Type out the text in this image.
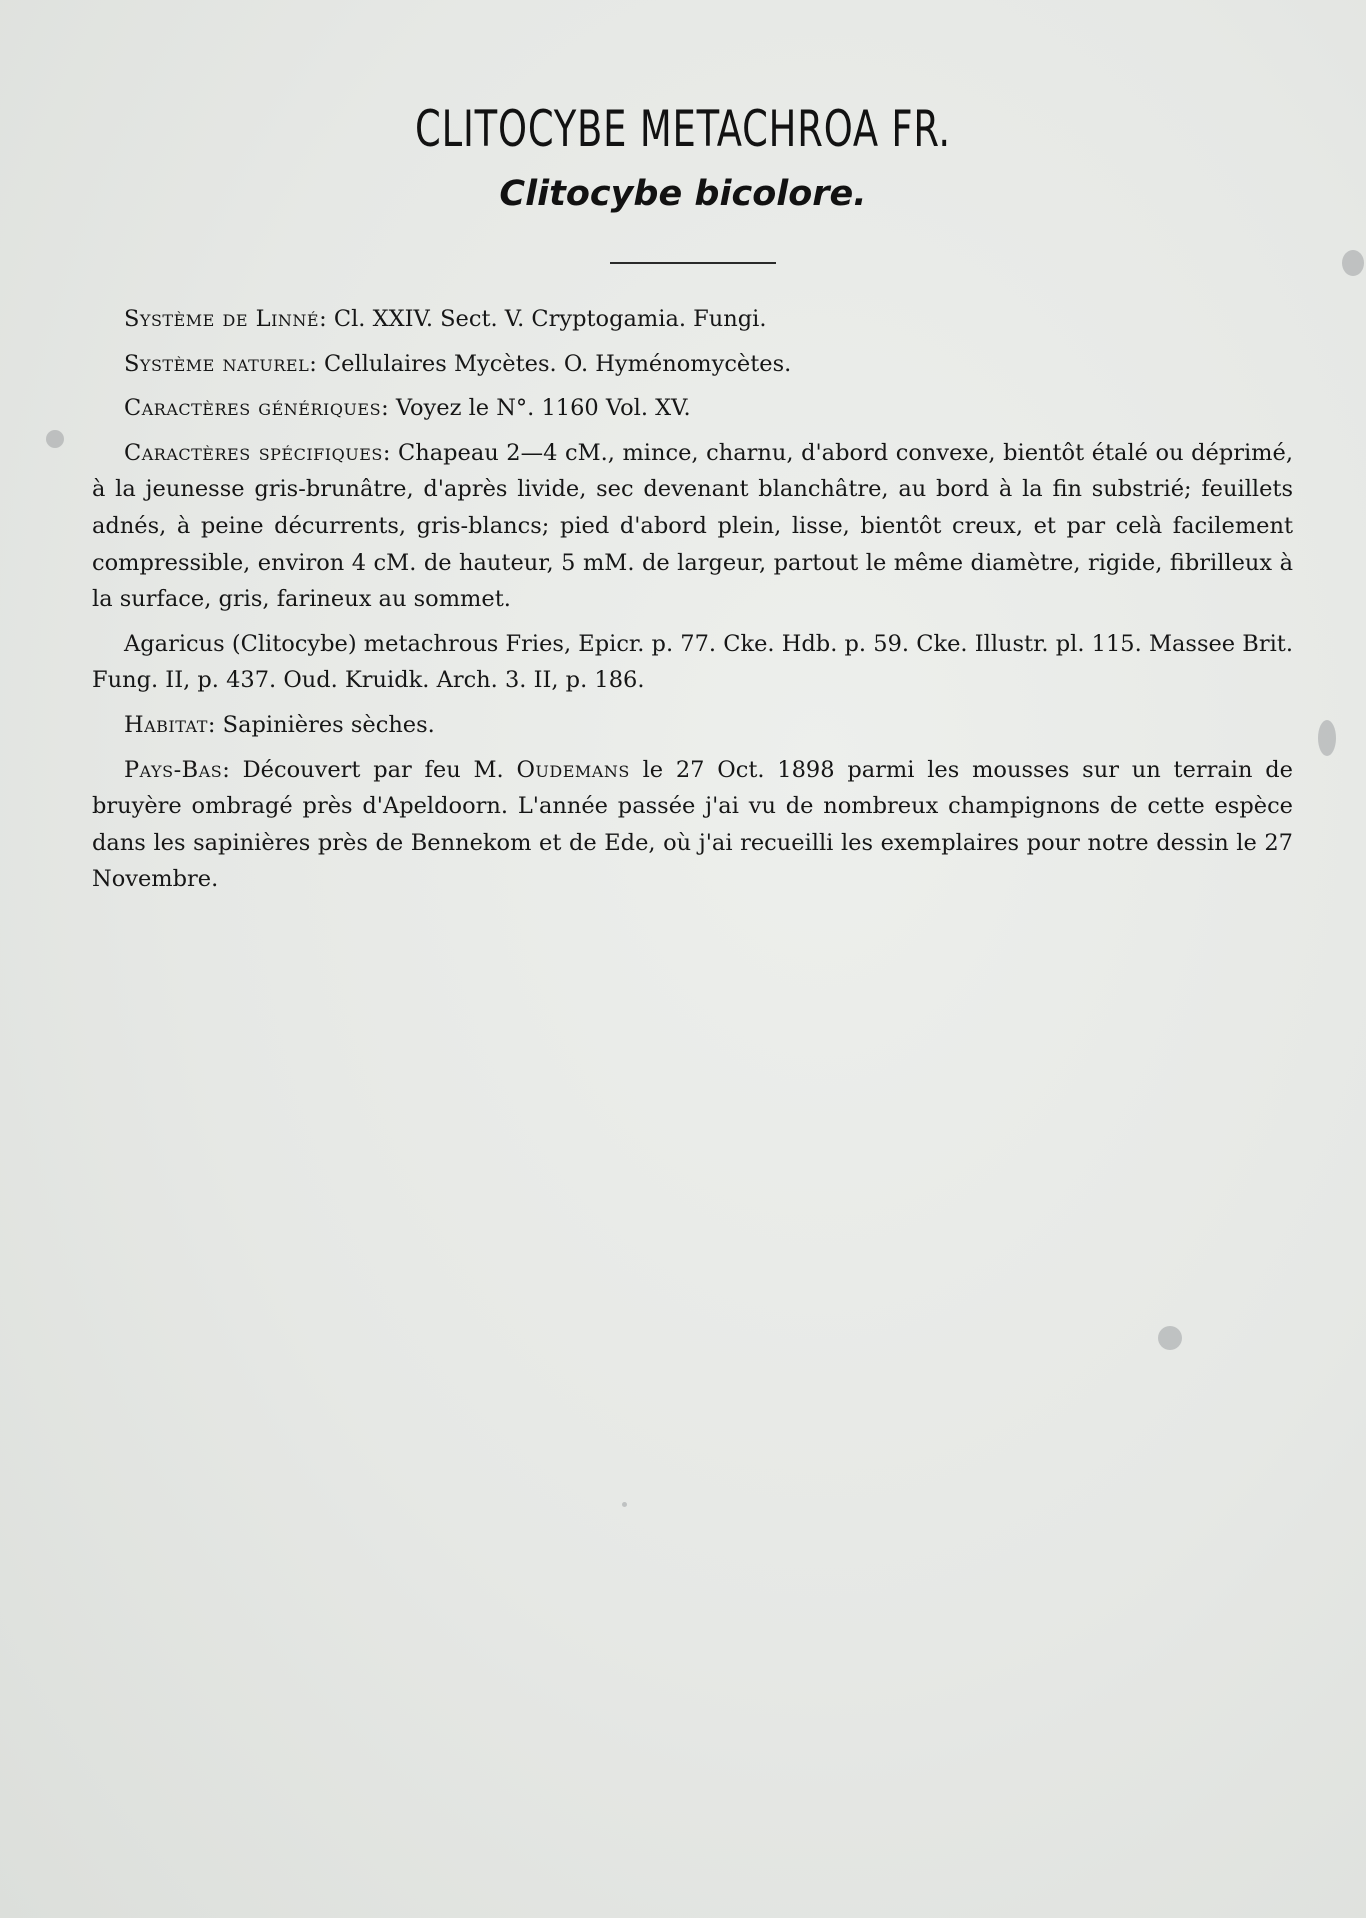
CLITOCYBE METACHROA FR.
Clitocybe bicolore.

Système de Linné: Cl. XXIV. Sect. V. Cryptogamia. Fungi.

Système naturel: Cellulaires Mycètes. O. Hyménomycètes.

Caractères génériques: Voyez le N°. 1160 Vol. XV.

Caractères spécifiques: Chapeau 2—4 cM., mince, charnu, d'abord convexe, bientôt étalé ou déprimé, à la jeunesse gris-brunâtre, d'après livide, sec devenant blanchâtre, au bord à la fin substrié; feuillets adnés, à peine décurrents, gris-blancs; pied d'abord plein, lisse, bientôt creux, et par celà facilement compressible, environ 4 cM. de hauteur, 5 mM. de largeur, partout le même diamètre, rigide, fibrilleux à la surface, gris, farineux au sommet.

Agaricus (Clitocybe) metachrous Fries, Epicr. p. 77. Cke. Hdb. p. 59. Cke. Illustr. pl. 115. Massee Brit. Fung. II, p. 437. Oud. Kruidk. Arch. 3. II, p. 186.

Habitat: Sapinières sèches.

Pays-Bas: Découvert par feu M. Oudemans le 27 Oct. 1898 parmi les mousses sur un terrain de bruyère ombragé près d'Apeldoorn. L'année passée j'ai vu de nombreux champignons de cette espèce dans les sapinières près de Bennekom et de Ede, où j'ai recueilli les exemplaires pour notre dessin le 27 Novembre.
